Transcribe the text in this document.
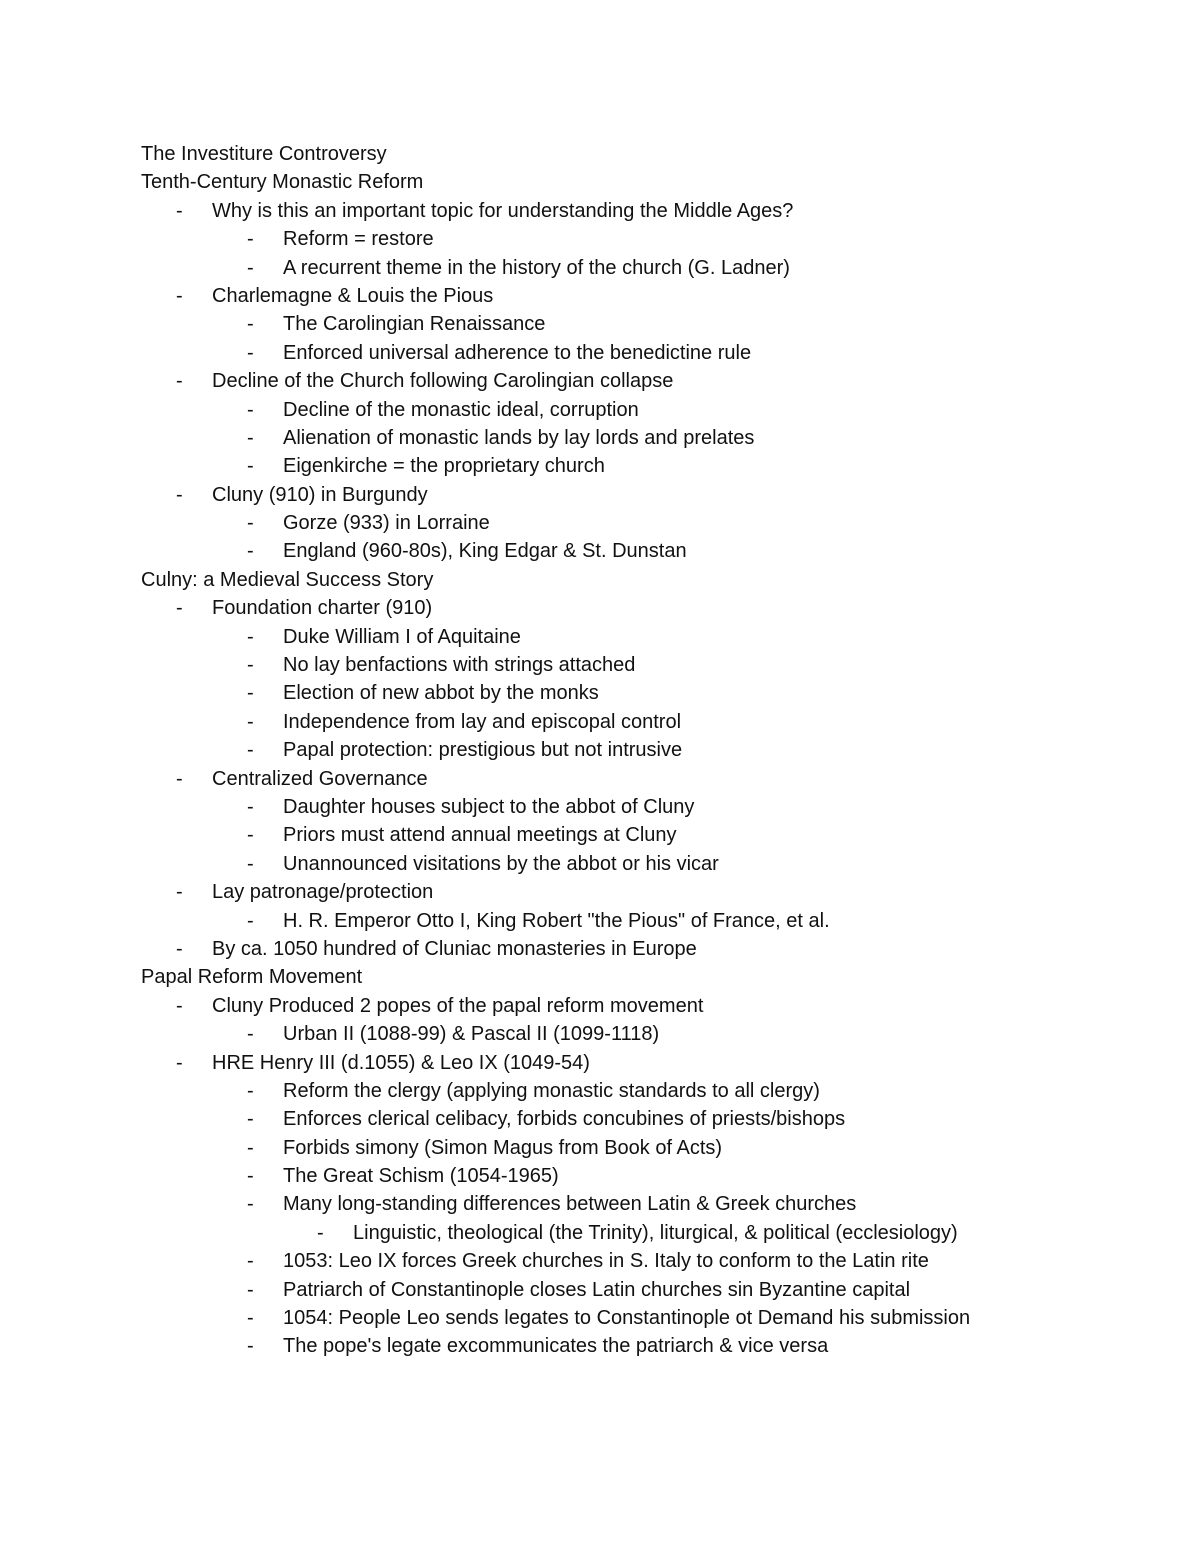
The Investiture Controversy
Tenth-Century Monastic Reform
- Why is this an important topic for understanding the Middle Ages?
- Reform = restore
- A recurrent theme in the history of the church (G. Ladner)
- Charlemagne & Louis the Pious
- The Carolingian Renaissance
- Enforced universal adherence to the benedictine rule
- Decline of the Church following Carolingian collapse
- Decline of the monastic ideal, corruption
- Alienation of monastic lands by lay lords and prelates
- Eigenkirche = the proprietary church
- Cluny (910) in Burgundy
- Gorze (933) in Lorraine
- England (960-80s), King Edgar & St. Dunstan
Culny: a Medieval Success Story
- Foundation charter (910)
- Duke William I of Aquitaine
- No lay benfactions with strings attached
- Election of new abbot by the monks
- Independence from lay and episcopal control
- Papal protection: prestigious but not intrusive
- Centralized Governance
- Daughter houses subject to the abbot of Cluny
- Priors must attend annual meetings at Cluny
- Unannounced visitations by the abbot or his vicar
- Lay patronage/protection
- H. R. Emperor Otto I, King Robert "the Pious" of France, et al.
- By ca. 1050 hundred of Cluniac monasteries in Europe
Papal Reform Movement
- Cluny Produced 2 popes of the papal reform movement
- Urban II (1088-99) & Pascal II (1099-1118)
- HRE Henry III (d.1055) & Leo IX (1049-54)
- Reform the clergy (applying monastic standards to all clergy)
- Enforces clerical celibacy, forbids concubines of priests/bishops
- Forbids simony (Simon Magus from Book of Acts)
- The Great Schism (1054-1965)
- Many long-standing differences between Latin & Greek churches
- Linguistic, theological (the Trinity), liturgical, & political (ecclesiology)
- 1053: Leo IX forces Greek churches in S. Italy to conform to the Latin rite
- Patriarch of Constantinople closes Latin churches sin Byzantine capital
- 1054: People Leo sends legates to Constantinople ot Demand his submission
- The pope's legate excommunicates the patriarch & vice versa
